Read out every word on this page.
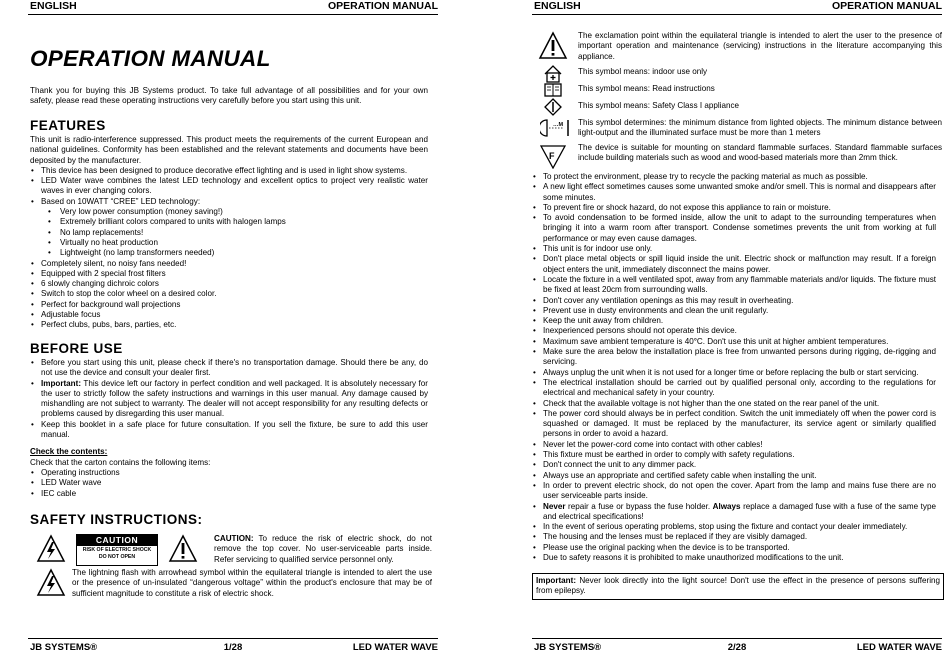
ENGLISH	OPERATION MANUAL
OPERATION MANUAL
Thank you for buying this JB Systems product. To take full advantage of all possibilities and for your own safety, please read these operating instructions very carefully before you start using this unit.
FEATURES
This unit is radio-interference suppressed. This product meets the requirements of the current European and national guidelines. Conformity has been established and the relevant statements and documents have been deposited by the manufacturer.
• This device has been designed to produce decorative effect lighting and is used in light show systems.
• LED Water wave combines the latest LED technology and excellent optics to project very realistic water waves in ever changing colors.
• Based on 10WATT “CREE” LED technology:
• Very low power consumption (money saving!)
• Extremely brilliant colors compared to units with halogen lamps
• No lamp replacements!
• Virtually no heat production
• Lightweight (no lamp transformers needed)
• Completely silent, no noisy fans needed!
• Equipped with 2 special frost filters
• 6 slowly changing dichroic colors
• Switch to stop the color wheel on a desired color.
• Perfect for background wall projections
• Adjustable focus
• Perfect clubs, pubs, bars, parties, etc.
BEFORE USE
• Before you start using this unit, please check if there's no transportation damage. Should there be any, do not use the device and consult your dealer first.
• Important: This device left our factory in perfect condition and well packaged. It is absolutely necessary for the user to strictly follow the safety instructions and warnings in this user manual. Any damage caused by mishandling are not subject to warranty. The dealer will not accept responsibility for any resulting defects or problems caused by disregarding this user manual.
• Keep this booklet in a safe place for future consultation. If you sell the fixture, be sure to add this user manual.
Check the contents:
Check that the carton contains the following items:
• Operating instructions
• LED Water wave
• IEC cable
SAFETY INSTRUCTIONS:
CAUTION
RISK OF ELECTRIC SHOCK
DO NOT OPEN
CAUTION: To reduce the risk of electric shock, do not remove the top cover. No user-serviceable parts inside. Refer servicing to qualified service personnel only.
The lightning flash with arrowhead symbol within the equilateral triangle is intended to alert the use or the presence of un-insulated “dangerous voltage” within the product's enclosure that may be of sufficient magnitude to constitute a risk of electric shock.
JB SYSTEMS®	1/28	LED WATER WAVE
ENGLISH	OPERATION MANUAL
The exclamation point within the equilateral triangle is intended to alert the user to the presence of important operation and maintenance (servicing) instructions in the literature accompanying this appliance.
This symbol means: indoor use only
This symbol means: Read instructions
This symbol means: Safety Class I appliance
…M This symbol determines: the minimum distance from lighted objects. The minimum distance between light-output and the illuminated surface must be more than 1 meters
F
The device is suitable for mounting on standard flammable surfaces. Standard flammable surfaces include building materials such as wood and wood-based materials more than 2mm thick.
• To protect the environment, please try to recycle the packing material as much as possible.
• A new light effect sometimes causes some unwanted smoke and/or smell. This is normal and disappears after some minutes.
• To prevent fire or shock hazard, do not expose this appliance to rain or moisture.
• To avoid condensation to be formed inside, allow the unit to adapt to the surrounding temperatures when bringing it into a warm room after transport. Condense sometimes prevents the unit from working at full performance or may even cause damages.
• This unit is for indoor use only.
• Don't place metal objects or spill liquid inside the unit. Electric shock or malfunction may result. If a foreign object enters the unit, immediately disconnect the mains power.
• Locate the fixture in a well ventilated spot, away from any flammable materials and/or liquids. The fixture must be fixed at least 20cm from surrounding walls.
• Don't cover any ventilation openings as this may result in overheating.
• Prevent use in dusty environments and clean the unit regularly.
• Keep the unit away from children.
• Inexperienced persons should not operate this device.
• Maximum save ambient temperature is 40°C. Don't use this unit at higher ambient temperatures.
• Make sure the area below the installation place is free from unwanted persons during rigging, de-rigging and servicing.
• Always unplug the unit when it is not used for a longer time or before replacing the bulb or start servicing.
• The electrical installation should be carried out by qualified personal only, according to the regulations for electrical and mechanical safety in your country.
• Check that the available voltage is not higher than the one stated on the rear panel of the unit.
• The power cord should always be in perfect condition. Switch the unit immediately off when the power cord is squashed or damaged. It must be replaced by the manufacturer, its service agent or similarly qualified persons in order to avoid a hazard.
• Never let the power-cord come into contact with other cables!
• This fixture must be earthed in order to comply with safety regulations.
• Don't connect the unit to any dimmer pack.
• Always use an appropriate and certified safety cable when installing the unit.
• In order to prevent electric shock, do not open the cover. Apart from the lamp and mains fuse there are no user serviceable parts inside.
• Never repair a fuse or bypass the fuse holder. Always replace a damaged fuse with a fuse of the same type and electrical specifications!
• In the event of serious operating problems, stop using the fixture and contact your dealer immediately.
• The housing and the lenses must be replaced if they are visibly damaged.
• Please use the original packing when the device is to be transported.
• Due to safety reasons it is prohibited to make unauthorized modifications to the unit.
Important: Never look directly into the light source! Don't use the effect in the presence of persons suffering from epilepsy.
JB SYSTEMS®	2/28	LED WATER WAVE
